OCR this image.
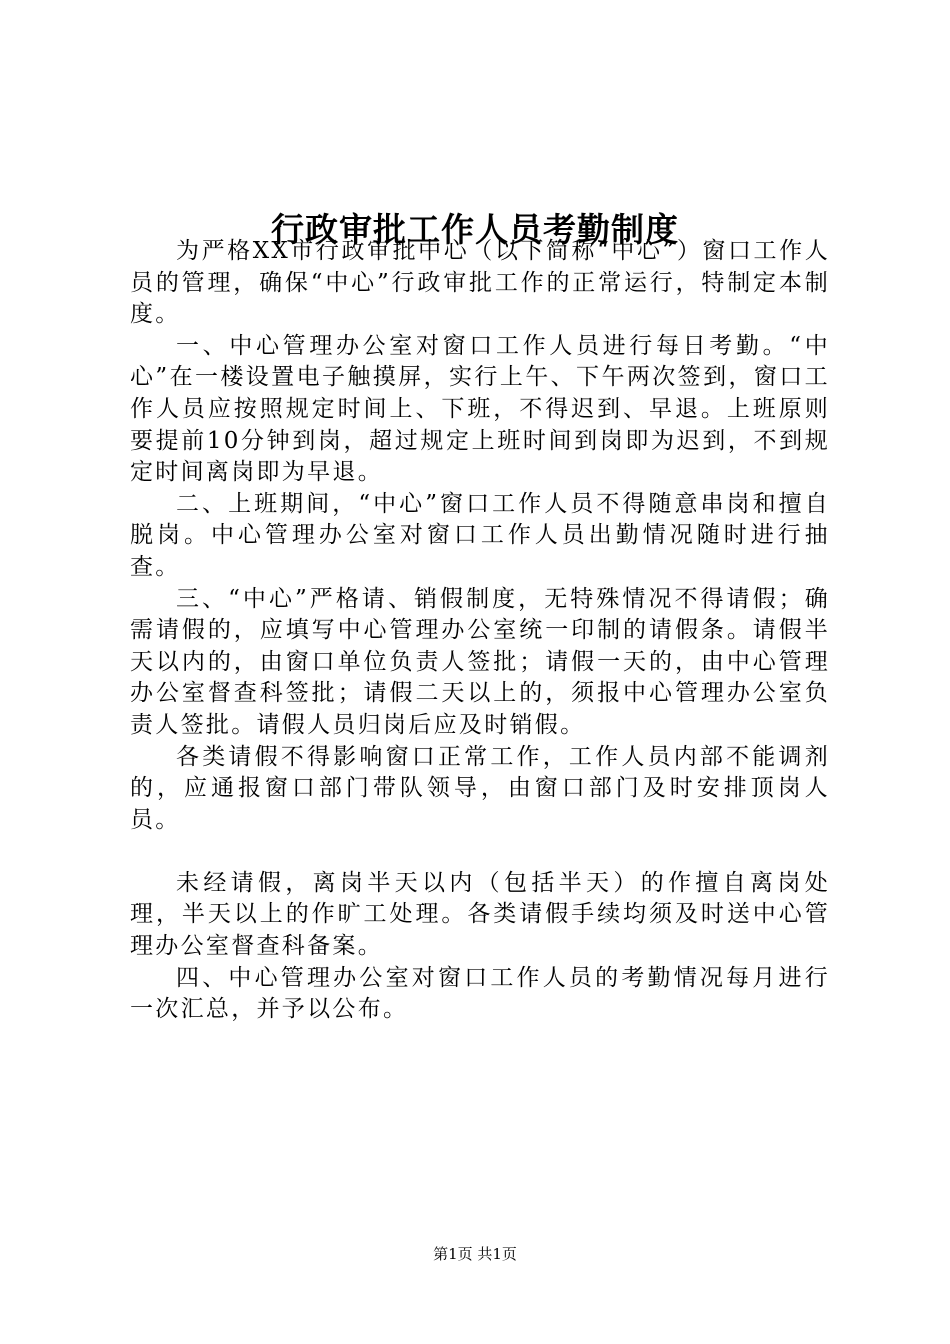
行政审批工作人员考勤制度

为严格XX市行政审批中心（以下简称“中心”）窗口工作人员的管理，确保“中心”行政审批工作的正常运行，特制定本制度。

一、中心管理办公室对窗口工作人员进行每日考勤。“中心”在一楼设置电子触摸屏，实行上午、下午两次签到，窗口工作人员应按照规定时间上、下班，不得迟到、早退。上班原则要提前10分钟到岗，超过规定上班时间到岗即为迟到，不到规定时间离岗即为早退。

二、上班期间，“中心”窗口工作人员不得随意串岗和擅自脱岗。中心管理办公室对窗口工作人员出勤情况随时进行抽查。

三、“中心”严格请、销假制度，无特殊情况不得请假；确需请假的，应填写中心管理办公室统一印制的请假条。请假半天以内的，由窗口单位负责人签批；请假一天的，由中心管理办公室督查科签批；请假二天以上的，须报中心管理办公室负责人签批。请假人员归岗后应及时销假。

各类请假不得影响窗口正常工作，工作人员内部不能调剂的，应通报窗口部门带队领导，由窗口部门及时安排顶岗人员。

未经请假，离岗半天以内（包括半天）的作擅自离岗处理，半天以上的作旷工处理。各类请假手续均须及时送中心管理办公室督查科备案。

四、中心管理办公室对窗口工作人员的考勤情况每月进行一次汇总，并予以公布。

第1页 共1页
